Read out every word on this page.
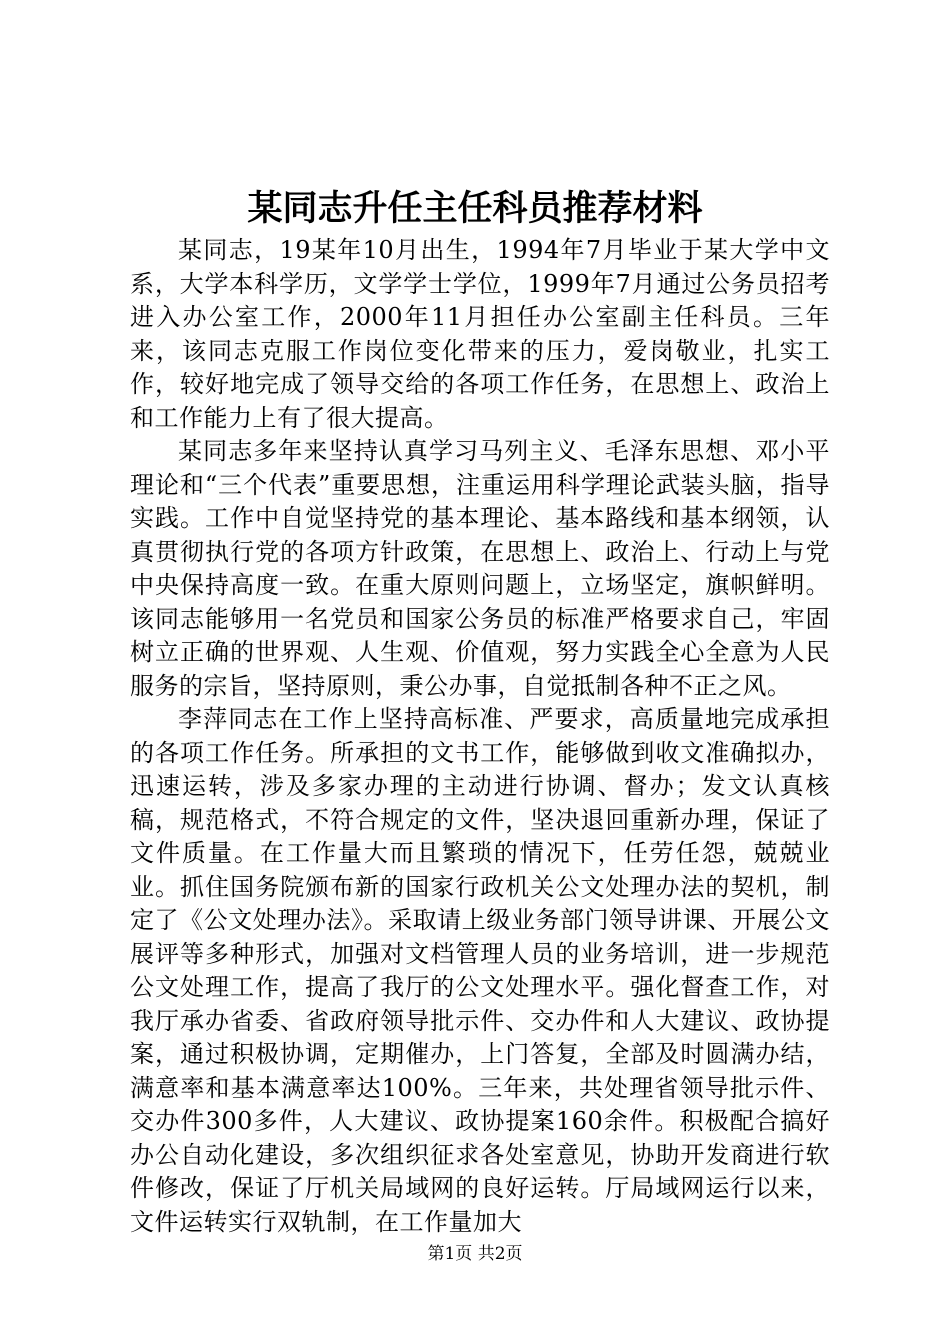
某同志升任主任科员推荐材料

某同志，19某年10月出生，1994年7月毕业于某大学中文系，大学本科学历，文学学士学位，1999年7月通过公务员招考进入办公室工作，2000年11月担任办公室副主任科员。三年来，该同志克服工作岗位变化带来的压力，爱岗敬业，扎实工作，较好地完成了领导交给的各项工作任务，在思想上、政治上和工作能力上有了很大提高。

某同志多年来坚持认真学习马列主义、毛泽东思想、邓小平理论和“三个代表”重要思想，注重运用科学理论武装头脑，指导实践。工作中自觉坚持党的基本理论、基本路线和基本纲领，认真贯彻执行党的各项方针政策，在思想上、政治上、行动上与党中央保持高度一致。在重大原则问题上，立场坚定，旗帜鲜明。该同志能够用一名党员和国家公务员的标准严格要求自己，牢固树立正确的世界观、人生观、价值观，努力实践全心全意为人民服务的宗旨，坚持原则，秉公办事，自觉抵制各种不正之风。

李萍同志在工作上坚持高标准、严要求，高质量地完成承担的各项工作任务。所承担的文书工作，能够做到收文准确拟办，迅速运转，涉及多家办理的主动进行协调、督办；发文认真核稿，规范格式，不符合规定的文件，坚决退回重新办理，保证了文件质量。在工作量大而且繁琐的情况下，任劳任怨，兢兢业业。抓住国务院颁布新的国家行政机关公文处理办法的契机，制定了《公文处理办法》。采取请上级业务部门领导讲课、开展公文展评等多种形式，加强对文档管理人员的业务培训，进一步规范公文处理工作，提高了我厅的公文处理水平。强化督查工作，对我厅承办省委、省政府领导批示件、交办件和人大建议、政协提案，通过积极协调，定期催办，上门答复，全部及时圆满办结，满意率和基本满意率达100%。三年来，共处理省领导批示件、交办件300多件，人大建议、政协提案160余件。积极配合搞好办公自动化建设，多次组织征求各处室意见，协助开发商进行软件修改，保证了厅机关局域网的良好运转。厅局域网运行以来，文件运转实行双轨制，在工作量加大

第1页 共2页
